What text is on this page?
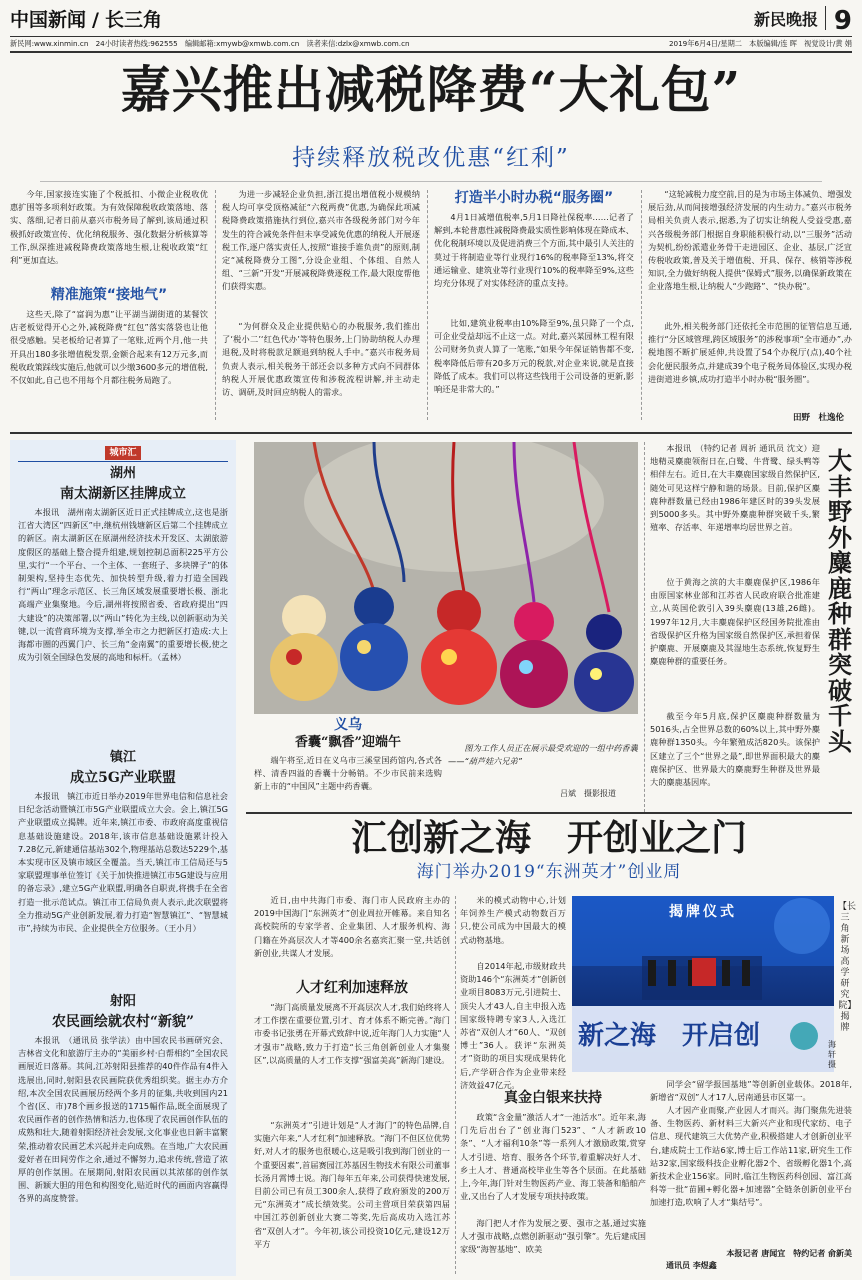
中国新闻 / 长三角	新民晚报 9
新民网:www.xinmin.cn　24小时读者热线:962555　编辑邮箱:xmywb@xmwb.com.cn　读者来信:dzlx@xmwb.com.cn	2019年6月4日/星期二　本版编辑/连 晖　视觉设计/黄 娟
嘉兴推出减税降费“大礼包”
持续释放税改优惠“红利”
今年,国家接连实施了个税抵扣、小微企业税收优惠扩围等多项利好政策。为有效保障税收政策落地、落实、落细,记者日前从嘉兴市税务局了解到,该局通过积极抓好政策宣传、优化纳税服务、强化数据分析核算等工作,纵深推进减税降费政策落地生根,让税收政策“红利”更加直达。
精准施策“接地气”
这些天,除了“富润为惠”让平湖当湖街道的某餐饮店老板觉得开心之外,减税降费“红包”落实落袋也让他很受感触。吴老板给记者算了一笔账,近两个月,他一共开具出180多张增值税发票,金额合起来有12万元多,而税收政策踩线实施后,他就可以少缴3600多元的增值税,不仅如此,自己也不用每个月都往税务局跑了。
为进一步减轻企业负担,浙江提出增值税小规模纳税人均可享受顶格减征“六税两费”优惠,为确保此项减税降费政策措施执行到位,嘉兴市各级税务部门对今年发生的符合减免条件但未享受减免优惠的纳税人开展逐税工作,逐户落实责任人,按照“谁接手谁负责”的原则,制定“减税降费分工图”,分设企业组、个体组、自然人组、“三新”开发“开展减税降费逐税工作,最大限度帮他们获得实惠。
“为何群众及企业提供贴心的办税服务,我们推出了‘税小二’‘红色代办’等特色服务,上门协助纳税人办理退税,及时将税款足额退到纳税人手中。”嘉兴市税务局负责人表示,相关税务干部还会以多种方式向不同群体纳税人开展优惠政策宣传和涉税流程讲解,并主动走访、调研,及时回应纳税人的需求。
打造半小时办税“服务圈”
4月1日减增值税率,5月1日降社保税率……记者了解到,本轮普惠性减税降费最实质性影响体现在降成本、优化税制环境以及促进消费三个方面,其中最引人关注的莫过于将制造业等行业现行16%的税率降至13%,将交通运输业、建筑业等行业现行10%的税率降至9%,这些均充分体现了对实体经济的重点支持。
比如,建筑业税率由10%降至9%,虽只降了一个点,可企业受益却远不止这一点。对此,嘉兴某园林工程有限公司财务负责人算了一笔账,“如果今年保证销售都不变,税率降低后带有20多万元的税款,对企业来说,就是直接降低了成本。我们可以将这些钱用于公司设备的更新,影响还是非常大的。”
“这轮减税力度空前,目的是为市场主体减负、增强发展后劲,从而间接增强经济发展的内生动力。”嘉兴市税务局相关负责人表示,据悉,为了切实让纳税人受益受惠,嘉兴各级税务部门根据自身职能积极行动,以“三服务”活动为契机,纷纷派遣业务骨干走进园区、企业、基层,广泛宣传税收政策,普及关于增值税、开具、保存、核销等涉税知识,全力做好纳税人提供“保姆式”服务,以确保新政策在企业落地生根,让纳税人“少跑路”、“快办税”。
此外,相关税务部门还依托全市范围的征管信息互通,推行“分区域管理,跨区域服务”的涉税事项“全市通办”,办税地图不断扩展延伸,共设置了54个办税厅(点),40个社会化便民服务点,并建成39个电子税务局体验区,实现办税进街道进乡镇,成功打造半小时办税“服务圈”。
田野　杜逸伦
城市汇
湖州
南太湖新区挂牌成立
本报讯　湖州南太湖新区近日正式挂牌成立,这也是浙江省大湾区“四新区”中,继杭州钱塘新区后第二个挂牌成立的新区。南太湖新区在原湖州经济技术开发区、太湖旅游度假区的基础上整合提升组建,规划控制总面积225平方公里,实行“一个平台、一个主体、一套班子、多块牌子”的体制架构,坚持生态优先、加快转型升级,着力打造全国践行“两山”理念示范区、长三角区域发展重要增长极、浙北高端产业集聚地。今后,湖州将按照省委、省政府提出“四大建设”的决策部署,以“两山”转化为主线,以创新驱动为关键,以一流营商环境为支撑,举全市之力把新区打造成:大上海都市圈的西翼门户、长三角“金南翼”的重要增长极,使之成为引领全国绿色发展的高地和标杆。（孟林）
镇江
成立5G产业联盟
本报讯　镇江市近日举办2019年世界电信和信息社会日纪念活动暨镇江市5G产业联盟成立大会。会上,镇江5G产业联盟成立揭牌。近年来,镇江市委、市政府高度重视信息基础设施建设。2018年,该市信息基础设施累计投入7.28亿元,新建通信基站302个,物理基站总数达5229个,基本实现市区及镇市域区全覆盖。当天,镇江市工信局还与5家联盟理事单位签订《关于加快推进镇江市5G建设与应用的备忘录》,建立5G产业联盟,明确各自职责,将携手在全省打造一批示范试点。镇江市工信局负责人表示,此次联盟将全力推动5G产业创新发展,着力打造“智慧镇江”、“智慧城市”,持续为市民、企业提供全方位服务。（王小月）
射阳
农民画绘就农村“新貌”
本报讯　（通讯员 张学法）由中国农民书画研究会、吉林省文化和旅游厅主办的“美丽乡村·白帮相约”全国农民画展近日落幕。其间,江苏射阳县推荐的40件作品有4件入选展出,同时,射阳县农民画院获优秀组织奖。据主办方介绍,本次全国农民画展历经两个多月的征集,共收到国内21个省(区、市)78个画乡报送的1715幅作品,既全面展现了农民画作者的创作热情和活力,也体现了农民画创作队伍的成熟和壮大,随着射阳经济社会发展,文化事业也日新丰富繁荣,推动着农民画艺术兴起并走向成熟。在当地,广大农民画爱好者在田间劳作之余,通过不懈努力,追求传统,营造了浓厚的创作氛围。在展期间,射阳农民画以其浓郁的创作氛围、新颖大胆的用色和构图变化,贴近时代的画面内容赢得各界的高度赞誉。
义乌
香囊“飘香”迎端午
端午将至,近日在义乌市三溪堂国药馆内,各式各样、清香四溢的香囊十分畅销。不少市民前来选购新上市的“中国风”主题中药香囊。
图为工作人员正在展示最受欢迎的一组中药香囊——“葫芦娃六兄弟”
吕斌　摄影报道
本报讯　（特约记者 周祈 通讯员 沈文）迎地精灵麋鹿领衔日在,白鹭、牛背鹭、绿头鸭等相伴左右。近日,在大丰麋鹿国家级自然保护区,随处可见这样宁静和谐的场景。目前,保护区麋鹿种群数量已经由1986年建区时的39头发展到5000多头。其中野外麋鹿种群突破千头,繁殖率、存活率、年递增率均居世界之首。
位于黄海之滨的大丰麋鹿保护区,1986年由原国家林业部和江苏省人民政府联合批准建立,从英国伦敦引入39头麋鹿(13雄,26雌)。1997年12月,大丰麋鹿保护区经国务院批准由省级保护区升格为国家级自然保护区,承担着保护麋鹿、开展麋鹿及其湿地生态系统,恢复野生麋鹿种群的重要任务。
截至今年5月底,保护区麋鹿种群数量为5016头,占全世界总数的60%以上,其中野外麋鹿种群1350头。今年繁殖成活820头。该保护区建立了三个“世界之最”,即世界面积最大的麋鹿保护区、世界最大的麋鹿野生种群及世界最大的麋鹿基因库。
大丰野外麋鹿种群突破千头
汇创新之海　开创业之门
海门举办2019“东洲英才”创业周
近日,由中共海门市委、海门市人民政府主办的2019中国海门“东洲英才”创业周拉开帷幕。来自知名高校院所的专家学者、企业集团、人才服务机构、海门籍在外高层次人才等400余名嘉宾汇聚一堂,共话创新创业,共谋人才发展。
人才红利加速释放
“海门高质量发展离不开高层次人才,我们始终将人才工作摆在重要位置,引才、育才体系不断完善。”海门市委书记张勇在开幕式致辞中说,近年海门人力实施“人才强市”战略,致力于打造“长三角创新创业人才集聚区”,以高质量的人才工作支撑“强富美高”新海门建设。
“东洲英才”引进计划是“人才海门”的特色品牌,自实施六年来,“人才红利”加速释放。“海门不但区位优势好,对人才的服务也很暖心,这是吸引我到海门创业的一个重要因素”,首届赛园江苏基因生物技术有限公司董事长汤月霄博士说。海门每年五年来,公司获得快速发展,目前公司已有员工300余人,获得了政府颁发的200万元“东洲英才”成长绩效奖。公司主营项目荣获第四届中国江苏创新创业大赛二等奖,先后高成功入选江苏省“双创人才”。今年初,该公司投资10亿元,建设12万平方
米的模式动物中心,计划年饲养生产模式动物数百万只,使公司成为中国最大的模式动物基地。
自2014年起,市级财政共资助146个“东洲英才”创新创业项目8083万元,引进院士、顶尖人才43人,自主申报入选国家级特聘专家3人,入选江苏省“双创人才”60人、“双创博士”36人。获评“东洲英才”资助的项目实现成果转化后,产学研合作为企业带来经济效益47亿元。
真金白银来扶持
政策“含金量”激活人才“一池活水”。近年来,海门先后出台了“创业海门523”、“人才新政10条”、“人才福利10条”等一系列人才激励政策,赏穿人才引进、培育、服务各个环节,着重解决好人才、乡土人才、普通高校毕业生等各个层面。在此基础上,今年,海门针对生物医药产业、海工装备和船舶产业,又出台了人才发展专项扶持政策。
海门把人才作为发展之要、强市之基,通过实施人才强市战略,点燃创新驱动“强引擎”。先后建成国家级“海智基地”、欧美
揭牌仪式
新之海　开启创
【长三角新场高学研究院】揭牌
海轩　摄
同学会“留学报国基地”等创新创业载体。2018年,新增省“双创”人才17人,居南通县市区第一。
人才因产业而聚,产业因人才而兴。海门聚焦先进装备、生物医药、新材料三大新兴产业和现代家纺、电子信息、现代建筑三大优势产业,积极搭建人才创新创业平台,建成院士工作站6家,博士后工作站11家,研究生工作站32家,国家级科技企业孵化器2个、省级孵化器1个,高新技术企业156家。同时,临江生物医药科创园、富江高科等一批“苗圃+孵化器+加速器”全链条创新创业平台加速打造,吹响了人才“集结号”。
本报记者 唐闻宜　特约记者 俞新美
通讯员 李煜鑫
